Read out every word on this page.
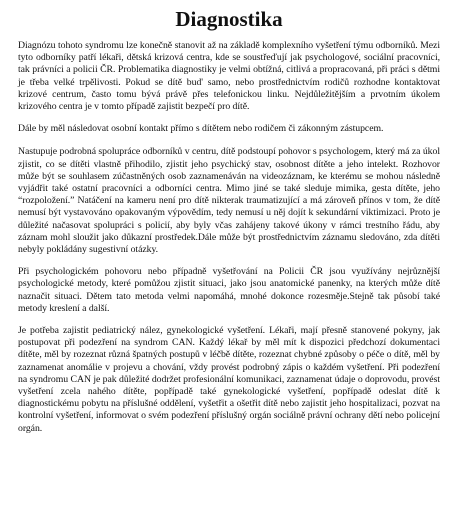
Diagnostika

Diagnózu tohoto syndromu lze konečně stanovit až na základě komplexního vyšetření týmu odborníků. Mezi tyto odborníky patří lékaři, dětská krizová centra, kde se soustřeďují jak psychologové, sociální pracovníci, tak právníci a policii ČR. Problematika diagnostiky je velmi obtížná, citlivá a propracovaná, při práci s dětmi je třeba velké trpělivosti. Pokud se dítě bud' samo, nebo prostřednictvím rodičů rozhodne kontaktovat krizové centrum, často tomu bývá právě přes telefonickou linku. Nejdůležitějším a prvotním úkolem krizového centra je v tomto případě zajistit bezpečí pro dítě.

Dále by měl následovat osobní kontakt přímo s dítětem nebo rodičem či zákonným zástupcem.

Nastupuje podrobná spolupráce odborníků v centru, dítě podstoupí pohovor s psychologem, který má za úkol zjistit, co se dítěti vlastně přihodilo, zjistit jeho psychický stav, osobnost dítěte a jeho intelekt. Rozhovor může být se souhlasem zúčastněných osob zaznamenáván na videozáznam, ke kterému se mohou následně vyjádřit také ostatní pracovníci a odborníci centra. Mimo jiné se také sleduje mimika, gesta dítěte, jeho “rozpoložení.” Natáčení na kameru není pro dítě nikterak traumatizující a má zároveň přínos v tom, že dítě nemusí být vystavováno opakovaným výpovědím, tedy nemusí u něj dojít k sekundární viktimizaci. Proto je důležité načasovat spolupráci s policií, aby byly včas zahájeny takové úkony v rámci trestního řádu, aby záznam mohl sloužit jako důkazní prostředek.Dále může být prostřednictvím záznamu sledováno, zda dítěti nebyly pokládány sugestivní otázky.

Při psychologickém pohovoru nebo případně vyšetřování na Policii ČR jsou využívány nejrůznější psychologické metody, které pomůžou zjistit situaci, jako jsou anatomické panenky, na kterých může dítě naznačit situaci. Dětem tato metoda velmi napomáhá, mnohé dokonce rozesměje.Stejně tak působí také metody kreslení a další.

Je potřeba zajistit pediatrický nález, gynekologické vyšetření. Lékaři, mají přesně stanovené pokyny, jak postupovat při podezření na syndrom CAN. Každý lékař by měl mít k dispozici předchozí dokumentaci dítěte, měl by rozeznat různá špatných postupů v léčbě dítěte, rozeznat chybné způsoby o péče o dítě, měl by zaznamenat anomálie v projevu a chování, vždy provést podrobný zápis o každém vyšetření. Při podezření na syndromu CAN je pak důležité dodržet profesionální komunikaci, zaznamenat údaje o doprovodu, provést vyšetření zcela nahého dítěte, popřípadě také gynekologické vyšetření, popřípadě odeslat dítě k diagnostickému pobytu na příslušné oddělení, vyšetřit a ošetřit dítě nebo zajistit jeho hospitalizaci, pozvat na kontrolní vyšetření, informovat o svém podezření příslušný orgán sociálně právní ochrany dětí nebo policejní orgán.
